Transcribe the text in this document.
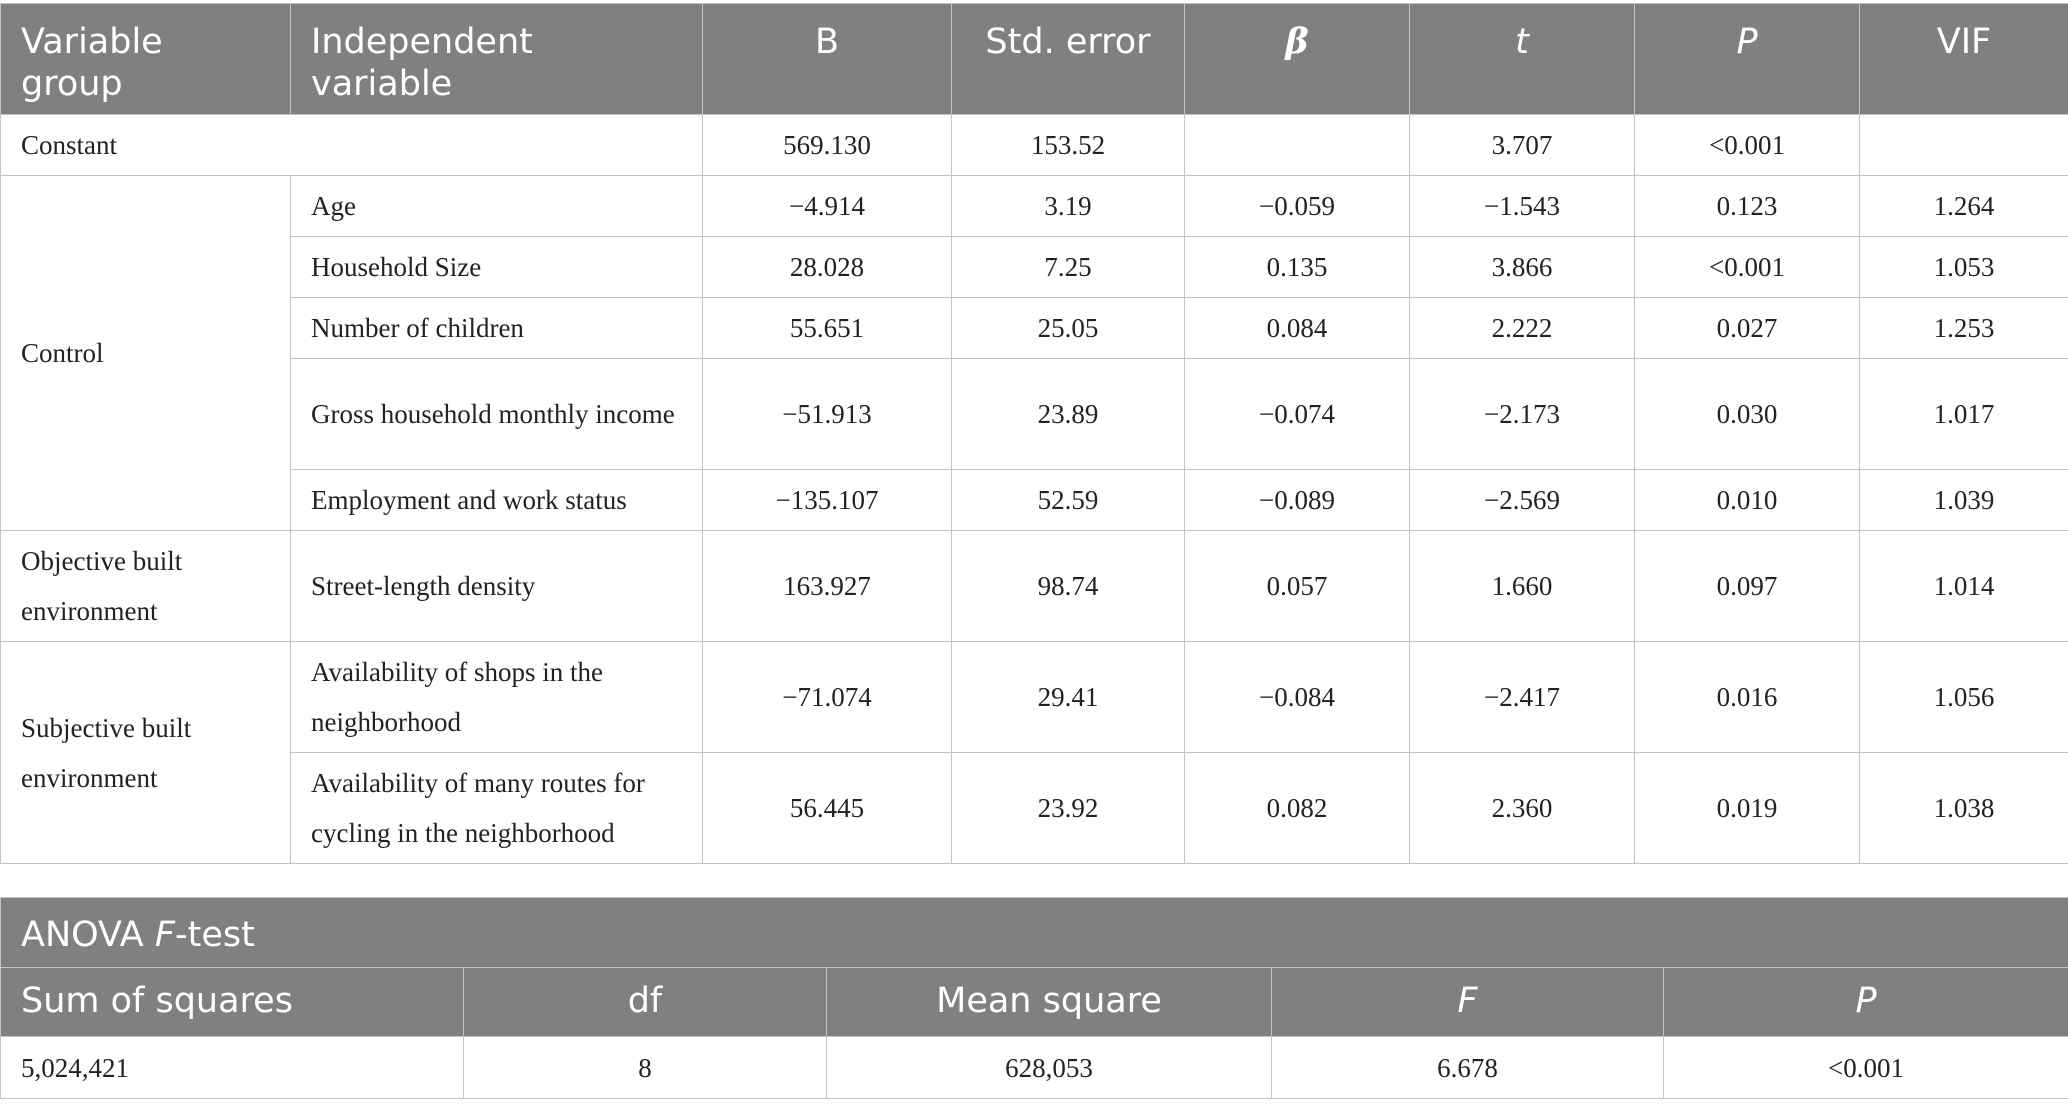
Variable group	Independent variable	B	Std. error	β	t	P	VIF
Constant		569.130	153.52		3.707	<0.001	
Control	Age	−4.914	3.19	−0.059	−1.543	0.123	1.264
	Household Size	28.028	7.25	0.135	3.866	<0.001	1.053
	Number of children	55.651	25.05	0.084	2.222	0.027	1.253
	Gross household monthly income	−51.913	23.89	−0.074	−2.173	0.030	1.017
	Employment and work status	−135.107	52.59	−0.089	−2.569	0.010	1.039
Objective built environment	Street-length density	163.927	98.74	0.057	1.660	0.097	1.014
Subjective built environment	Availability of shops in the neighborhood	−71.074	29.41	−0.084	−2.417	0.016	1.056
	Availability of many routes for cycling in the neighborhood	56.445	23.92	0.082	2.360	0.019	1.038
ANOVA F-test				
Sum of squares	df	Mean square	F	P
5,024,421	8	628,053	6.678	<0.001
